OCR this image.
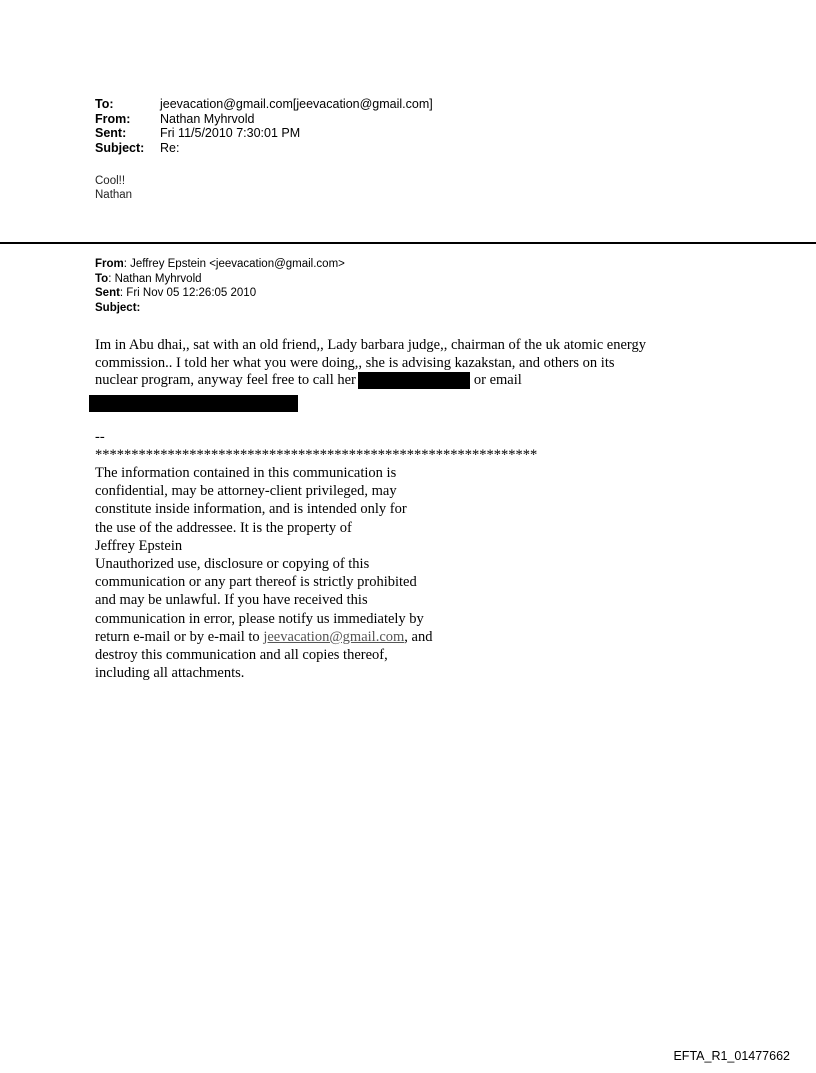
To:	jeevacation@gmail.com[jeevacation@gmail.com]
From:	Nathan Myhrvold
Sent:	Fri 11/5/2010 7:30:01 PM
Subject:	Re:
Cool!!
Nathan
From: Jeffrey Epstein <jeevacation@gmail.com>
To: Nathan Myhrvold
Sent: Fri Nov 05 12:26:05 2010
Subject:
Im in Abu dhai,, sat with an old friend,, Lady barbara judge,, chairman of the uk atomic energy
commission.. I told her what you were doing,, she is advising kazakstan, and others on its
nuclear program, anyway feel free to call her	or email
--
*************************************************************
The information contained in this communication is
confidential, may be attorney-client privileged, may
constitute inside information, and is intended only for
the use of the addressee. It is the property of
Jeffrey Epstein
Unauthorized use, disclosure or copying of this
communication or any part thereof is strictly prohibited
and may be unlawful. If you have received this
communication in error, please notify us immediately by
return e-mail or by e-mail to jeevacation@gmail.com, and
destroy this communication and all copies thereof,
including all attachments.
EFTA_R1_01477662
